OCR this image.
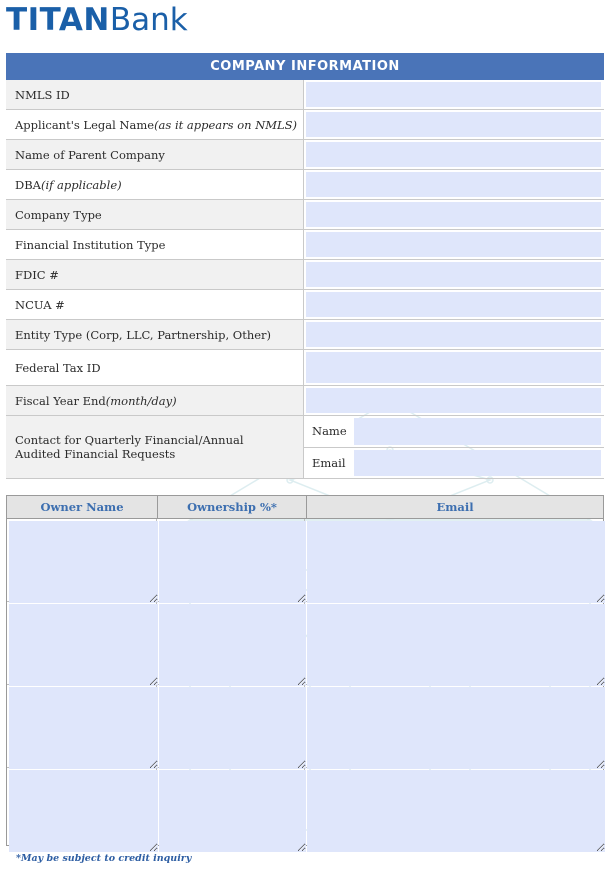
TITANBank
COMPANY INFORMATION
NMLS ID
Applicant's Legal Name (as it appears on NMLS)
Name of Parent Company
DBA (if applicable)
Company Type
Financial Institution Type
FDIC #
NCUA #
Entity Type (Corp, LLC, Partnership, Other)
Federal Tax ID
Fiscal Year End (month/day)
Contact for Quarterly Financial/Annual Audited Financial Requests
Name
Email
Owner Name	Ownership %*	Email
*May be subject to credit inquiry
